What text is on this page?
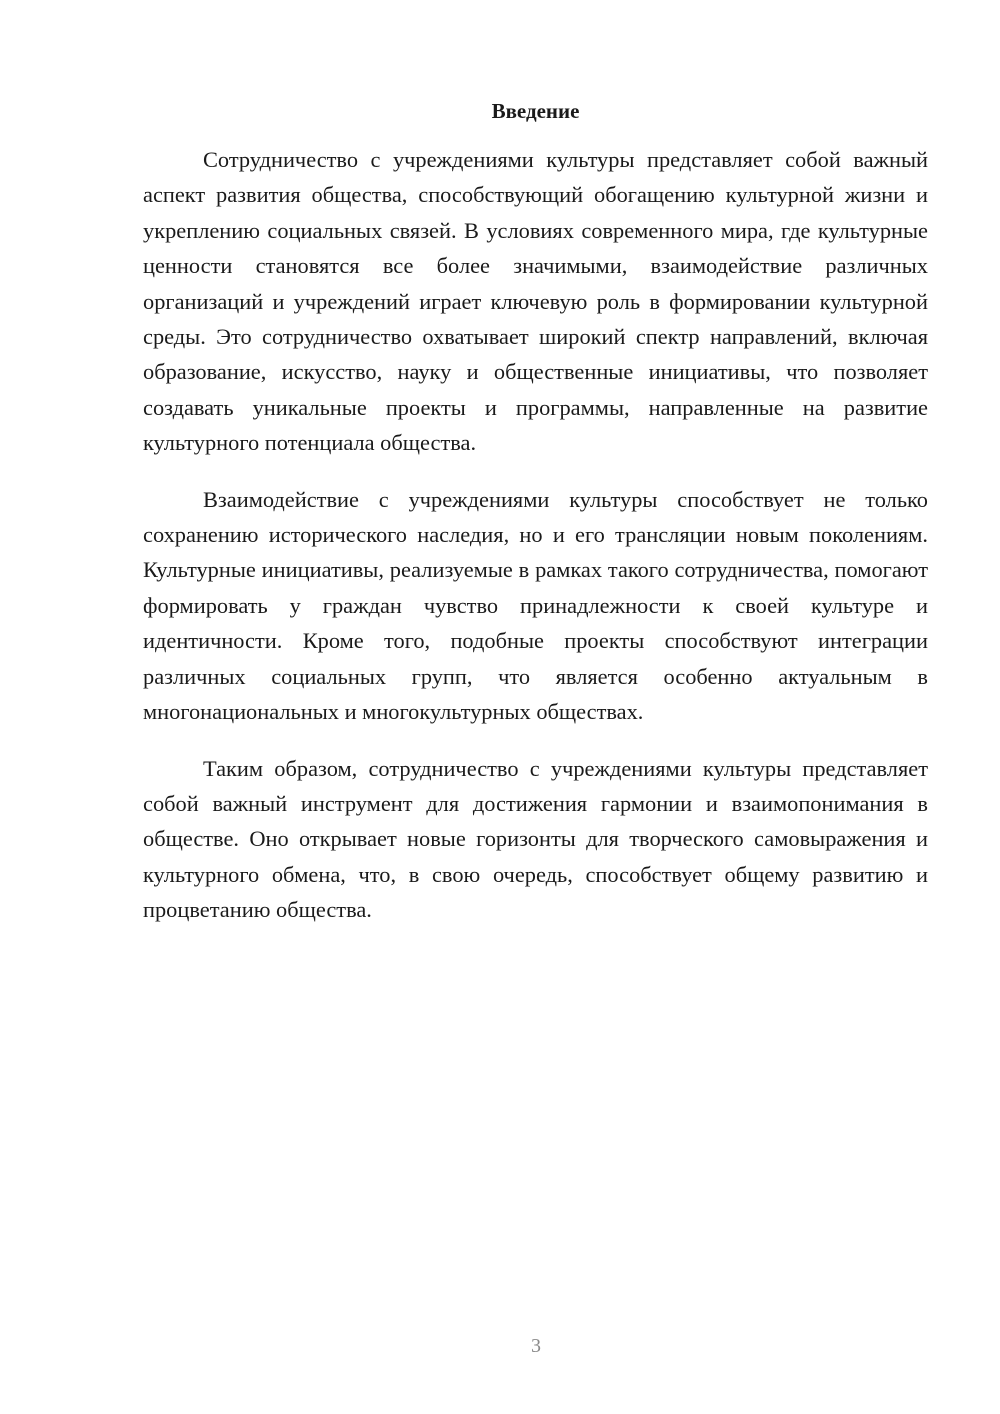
Введение

Сотрудничество с учреждениями культуры представляет собой важный аспект развития общества, способствующий обогащению культурной жизни и укреплению социальных связей. В условиях современного мира, где культурные ценности становятся все более значимыми, взаимодействие различных организаций и учреждений играет ключевую роль в формировании культурной среды. Это сотрудничество охватывает широкий спектр направлений, включая образование, искусство, науку и общественные инициативы, что позволяет создавать уникальные проекты и программы, направленные на развитие культурного потенциала общества.

Взаимодействие с учреждениями культуры способствует не только сохранению исторического наследия, но и его трансляции новым поколениям. Культурные инициативы, реализуемые в рамках такого сотрудничества, помогают формировать у граждан чувство принадлежности к своей культуре и идентичности. Кроме того, подобные проекты способствуют интеграции различных социальных групп, что является особенно актуальным в многонациональных и многокультурных обществах.

Таким образом, сотрудничество с учреждениями культуры представляет собой важный инструмент для достижения гармонии и взаимопонимания в обществе. Оно открывает новые горизонты для творческого самовыражения и культурного обмена, что, в свою очередь, способствует общему развитию и процветанию общества.

3
